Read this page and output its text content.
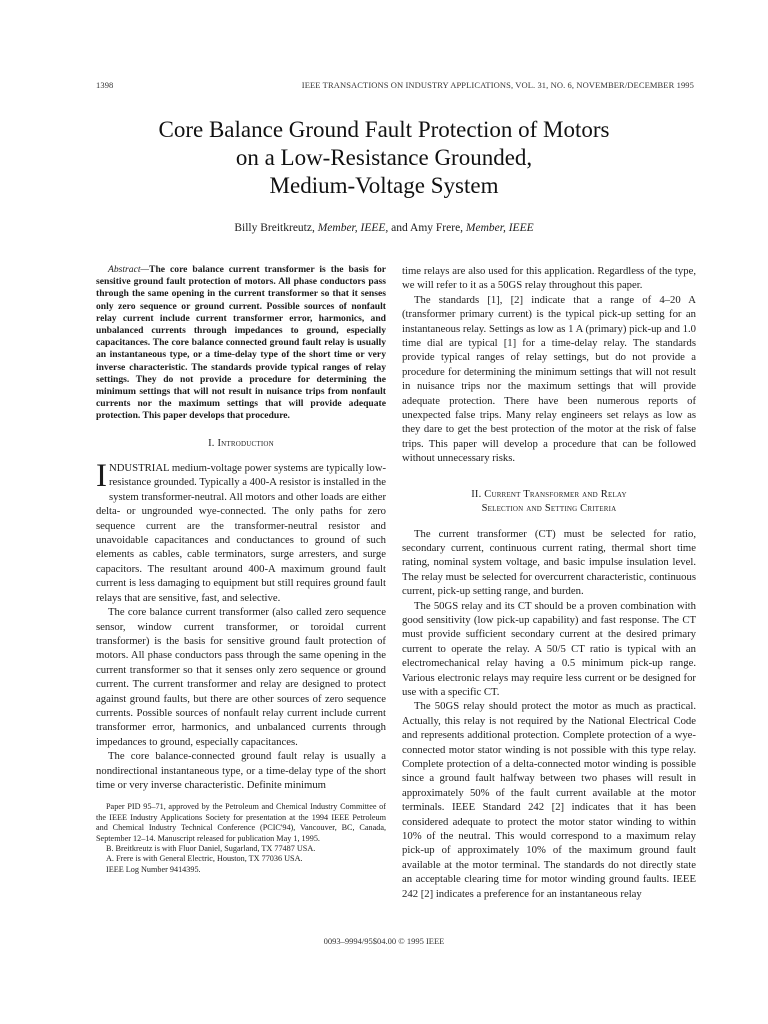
1398	IEEE TRANSACTIONS ON INDUSTRY APPLICATIONS, VOL. 31, NO. 6, NOVEMBER/DECEMBER 1995
Core Balance Ground Fault Protection of Motors
on a Low-Resistance Grounded,
Medium-Voltage System
Billy Breitkreutz, Member, IEEE, and Amy Frere, Member, IEEE

Abstract—The core balance current transformer is the basis for sensitive ground fault protection of motors. All phase conductors pass through the same opening in the current transformer so that it senses only zero sequence or ground current. Possible sources of nonfault relay current include current transformer error, harmonics, and unbalanced currents through impedances to ground, especially capacitances. The core balance connected ground fault relay is usually an instantaneous type, or a time-delay type of the short time or very inverse characteristic. The standards provide typical ranges of relay settings. They do not provide a procedure for determining the minimum settings that will not result in nuisance trips from nonfault currents nor the maximum settings that will provide adequate protection. This paper develops that procedure.

I. Introduction

INDUSTRIAL medium-voltage power systems are typically low-resistance grounded. Typically a 400-A resistor is installed in the system transformer-neutral. All motors and other loads are either delta- or ungrounded wye-connected. The only paths for zero sequence current are the transformer-neutral resistor and unavoidable capacitances and conductances to ground of such elements as cables, cable terminators, surge arresters, and surge capacitors. The resultant around 400-A maximum ground fault current is less damaging to equipment but still requires ground fault relays that are sensitive, fast, and selective.

The core balance current transformer (also called zero sequence sensor, window current transformer, or toroidal current transformer) is the basis for sensitive ground fault protection of motors. All phase conductors pass through the same opening in the current transformer so that it senses only zero sequence or ground current. The current transformer and relay are designed to protect against ground faults, but there are other sources of zero sequence currents. Possible sources of nonfault relay current include current transformer error, harmonics, and unbalanced currents through impedances to ground, especially capacitances.

The core balance-connected ground fault relay is usually a nondirectional instantaneous type, or a time-delay type of the short time or very inverse characteristic. Definite minimum

Paper PID 95–71, approved by the Petroleum and Chemical Industry Committee of the IEEE Industry Applications Society for presentation at the 1994 IEEE Petroleum and Chemical Industry Technical Conference (PCIC'94), Vancouver, BC, Canada, September 12–14. Manuscript released for publication May 1, 1995.

B. Breitkreutz is with Fluor Daniel, Sugarland, TX 77487 USA.

A. Frere is with General Electric, Houston, TX 77036 USA.

IEEE Log Number 9414395.

time relays are also used for this application. Regardless of the type, we will refer to it as a 50GS relay throughout this paper.

The standards [1], [2] indicate that a range of 4–20 A (transformer primary current) is the typical pick-up setting for an instantaneous relay. Settings as low as 1 A (primary) pick-up and 1.0 time dial are typical [1] for a time-delay relay. The standards provide typical ranges of relay settings, but do not provide a procedure for determining the minimum settings that will not result in nuisance trips nor the maximum settings that will provide adequate protection. There have been numerous reports of unexpected false trips. Many relay engineers set relays as low as they dare to get the best protection of the motor at the risk of false trips. This paper will develop a procedure that can be followed without unnecessary risks.

II. Current Transformer and Relay
Selection and Setting Criteria

The current transformer (CT) must be selected for ratio, secondary current, continuous current rating, thermal short time rating, nominal system voltage, and basic impulse insulation level. The relay must be selected for overcurrent characteristic, continuous current, pick-up setting range, and burden.

The 50GS relay and its CT should be a proven combination with good sensitivity (low pick-up capability) and fast response. The CT must provide sufficient secondary current at the desired primary current to operate the relay. A 50/5 CT ratio is typical with an electromechanical relay having a 0.5 minimum pick-up range. Various electronic relays may require less current or be designed for use with a specific CT.

The 50GS relay should protect the motor as much as practical. Actually, this relay is not required by the National Electrical Code and represents additional protection. Complete protection of a wye-connected motor stator winding is not possible with this type relay. Complete protection of a delta-connected motor winding is possible since a ground fault halfway between two phases will result in approximately 50% of the fault current available at the motor terminals. IEEE Standard 242 [2] indicates that it has been considered adequate to protect the motor stator winding to within 10% of the neutral. This would correspond to a maximum relay pick-up of approximately 10% of the maximum ground fault available at the motor terminal. The standards do not directly state an acceptable clearing time for motor winding ground faults. IEEE 242 [2] indicates a preference for an instantaneous relay

0093–9994/95$04.00 © 1995 IEEE
